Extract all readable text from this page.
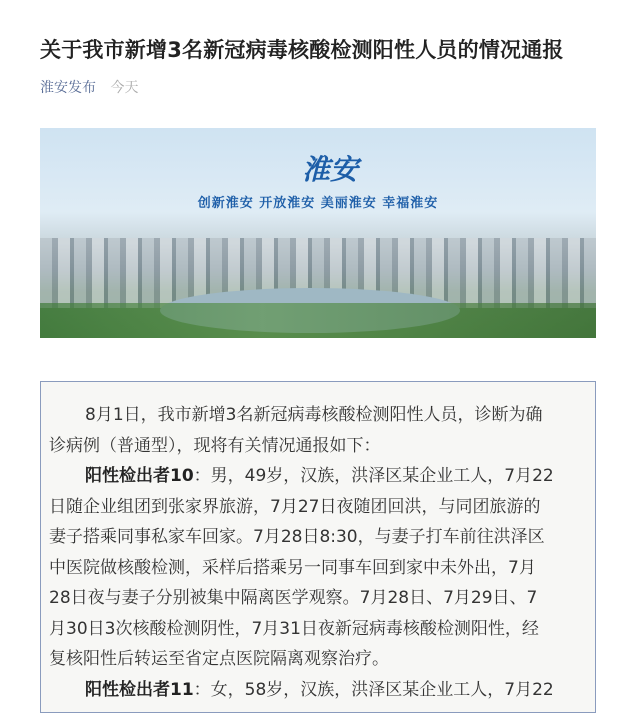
关于我市新增3名新冠病毒核酸检测阳性人员的情况通报
淮安发布 今天
淮安
创新淮安 开放淮安 美丽淮安 幸福淮安
8月1日，我市新增3名新冠病毒核酸检测阳性人员，诊断为确
诊病例（普通型），现将有关情况通报如下：
阳性检出者10：男，49岁，汉族，洪泽区某企业工人，7月22
日随企业组团到张家界旅游，7月27日夜随团回洪，与同团旅游的
妻子搭乘同事私家车回家。7月28日8:30，与妻子打车前往洪泽区
中医院做核酸检测，采样后搭乘另一同事车回到家中未外出，7月
28日夜与妻子分别被集中隔离医学观察。7月28日、7月29日、7
月30日3次核酸检测阴性，7月31日夜新冠病毒核酸检测阳性，经
复核阳性后转运至省定点医院隔离观察治疗。
阳性检出者11：女，58岁，汉族，洪泽区某企业工人，7月22
